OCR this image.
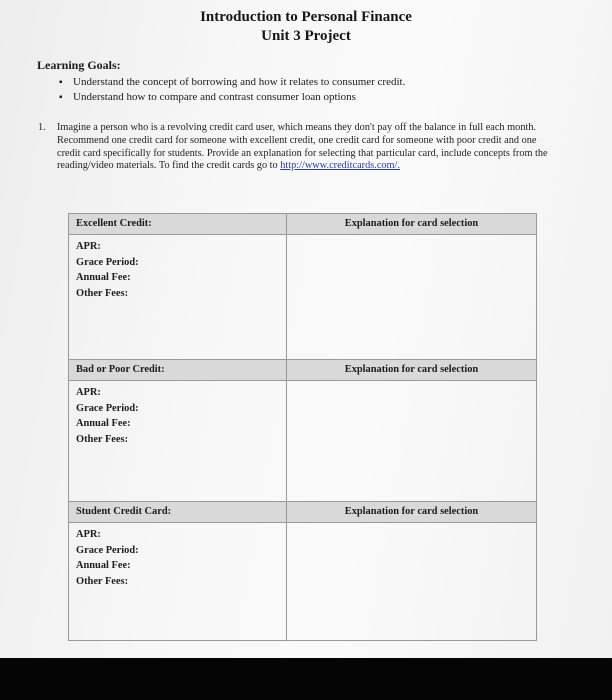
Introduction to Personal Finance
Unit 3 Project
Learning Goals:
▪ Understand the concept of borrowing and how it relates to consumer credit.
▪ Understand how to compare and contrast consumer loan options
1. Imagine a person who is a revolving credit card user, which means they don't pay off the balance in full each month. Recommend one credit card for someone with excellent credit, one credit card for someone with poor credit and one credit card specifically for students. Provide an explanation for selecting that particular card, include concepts from the reading/video materials. To find the credit cards go to http://www.creditcards.com/.
Excellent Credit:	Explanation for card selection
APR:
Grace Period:
Annual Fee:
Other Fees:
Bad or Poor Credit:	Explanation for card selection
APR:
Grace Period:
Annual Fee:
Other Fees:
Student Credit Card:	Explanation for card selection
APR:
Grace Period:
Annual Fee:
Other Fees:
